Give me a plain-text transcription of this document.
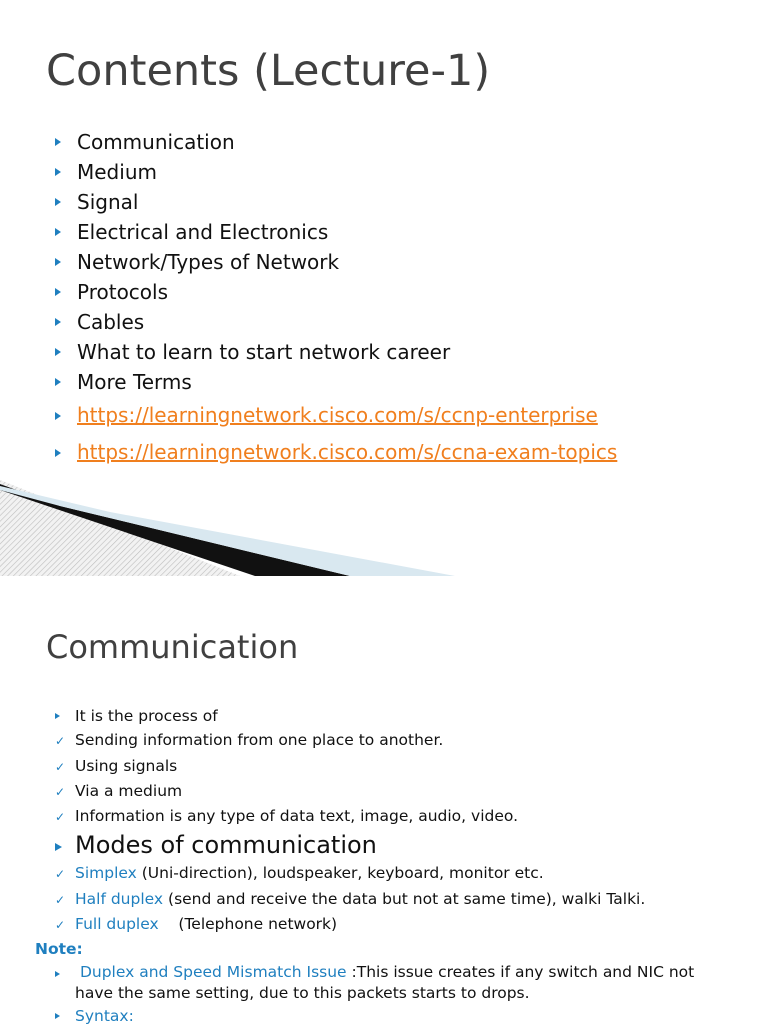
Contents (Lecture-1)
Communication
Medium
Signal
Electrical and Electronics
Network/Types of Network
Protocols
Cables
What to learn to start network career
More Terms
https://learningnetwork.cisco.com/s/ccnp-enterprise
https://learningnetwork.cisco.com/s/ccna-exam-topics
Communication
It is the process of
✓ Sending information from one place to another.
✓ Using signals
✓ Via a medium
✓ Information is any type of data text, image, audio, video.
Modes of communication
✓ Simplex (Uni-direction), loudspeaker, keyboard, monitor etc.
✓ Half duplex (send and receive the data but not at same time), walki Talki.
✓ Full duplex    (Telephone network)
Note:
Duplex and Speed Mismatch Issue :This issue creates if any switch and NIC not have the same setting, due to this packets starts to drops.
Syntax:
